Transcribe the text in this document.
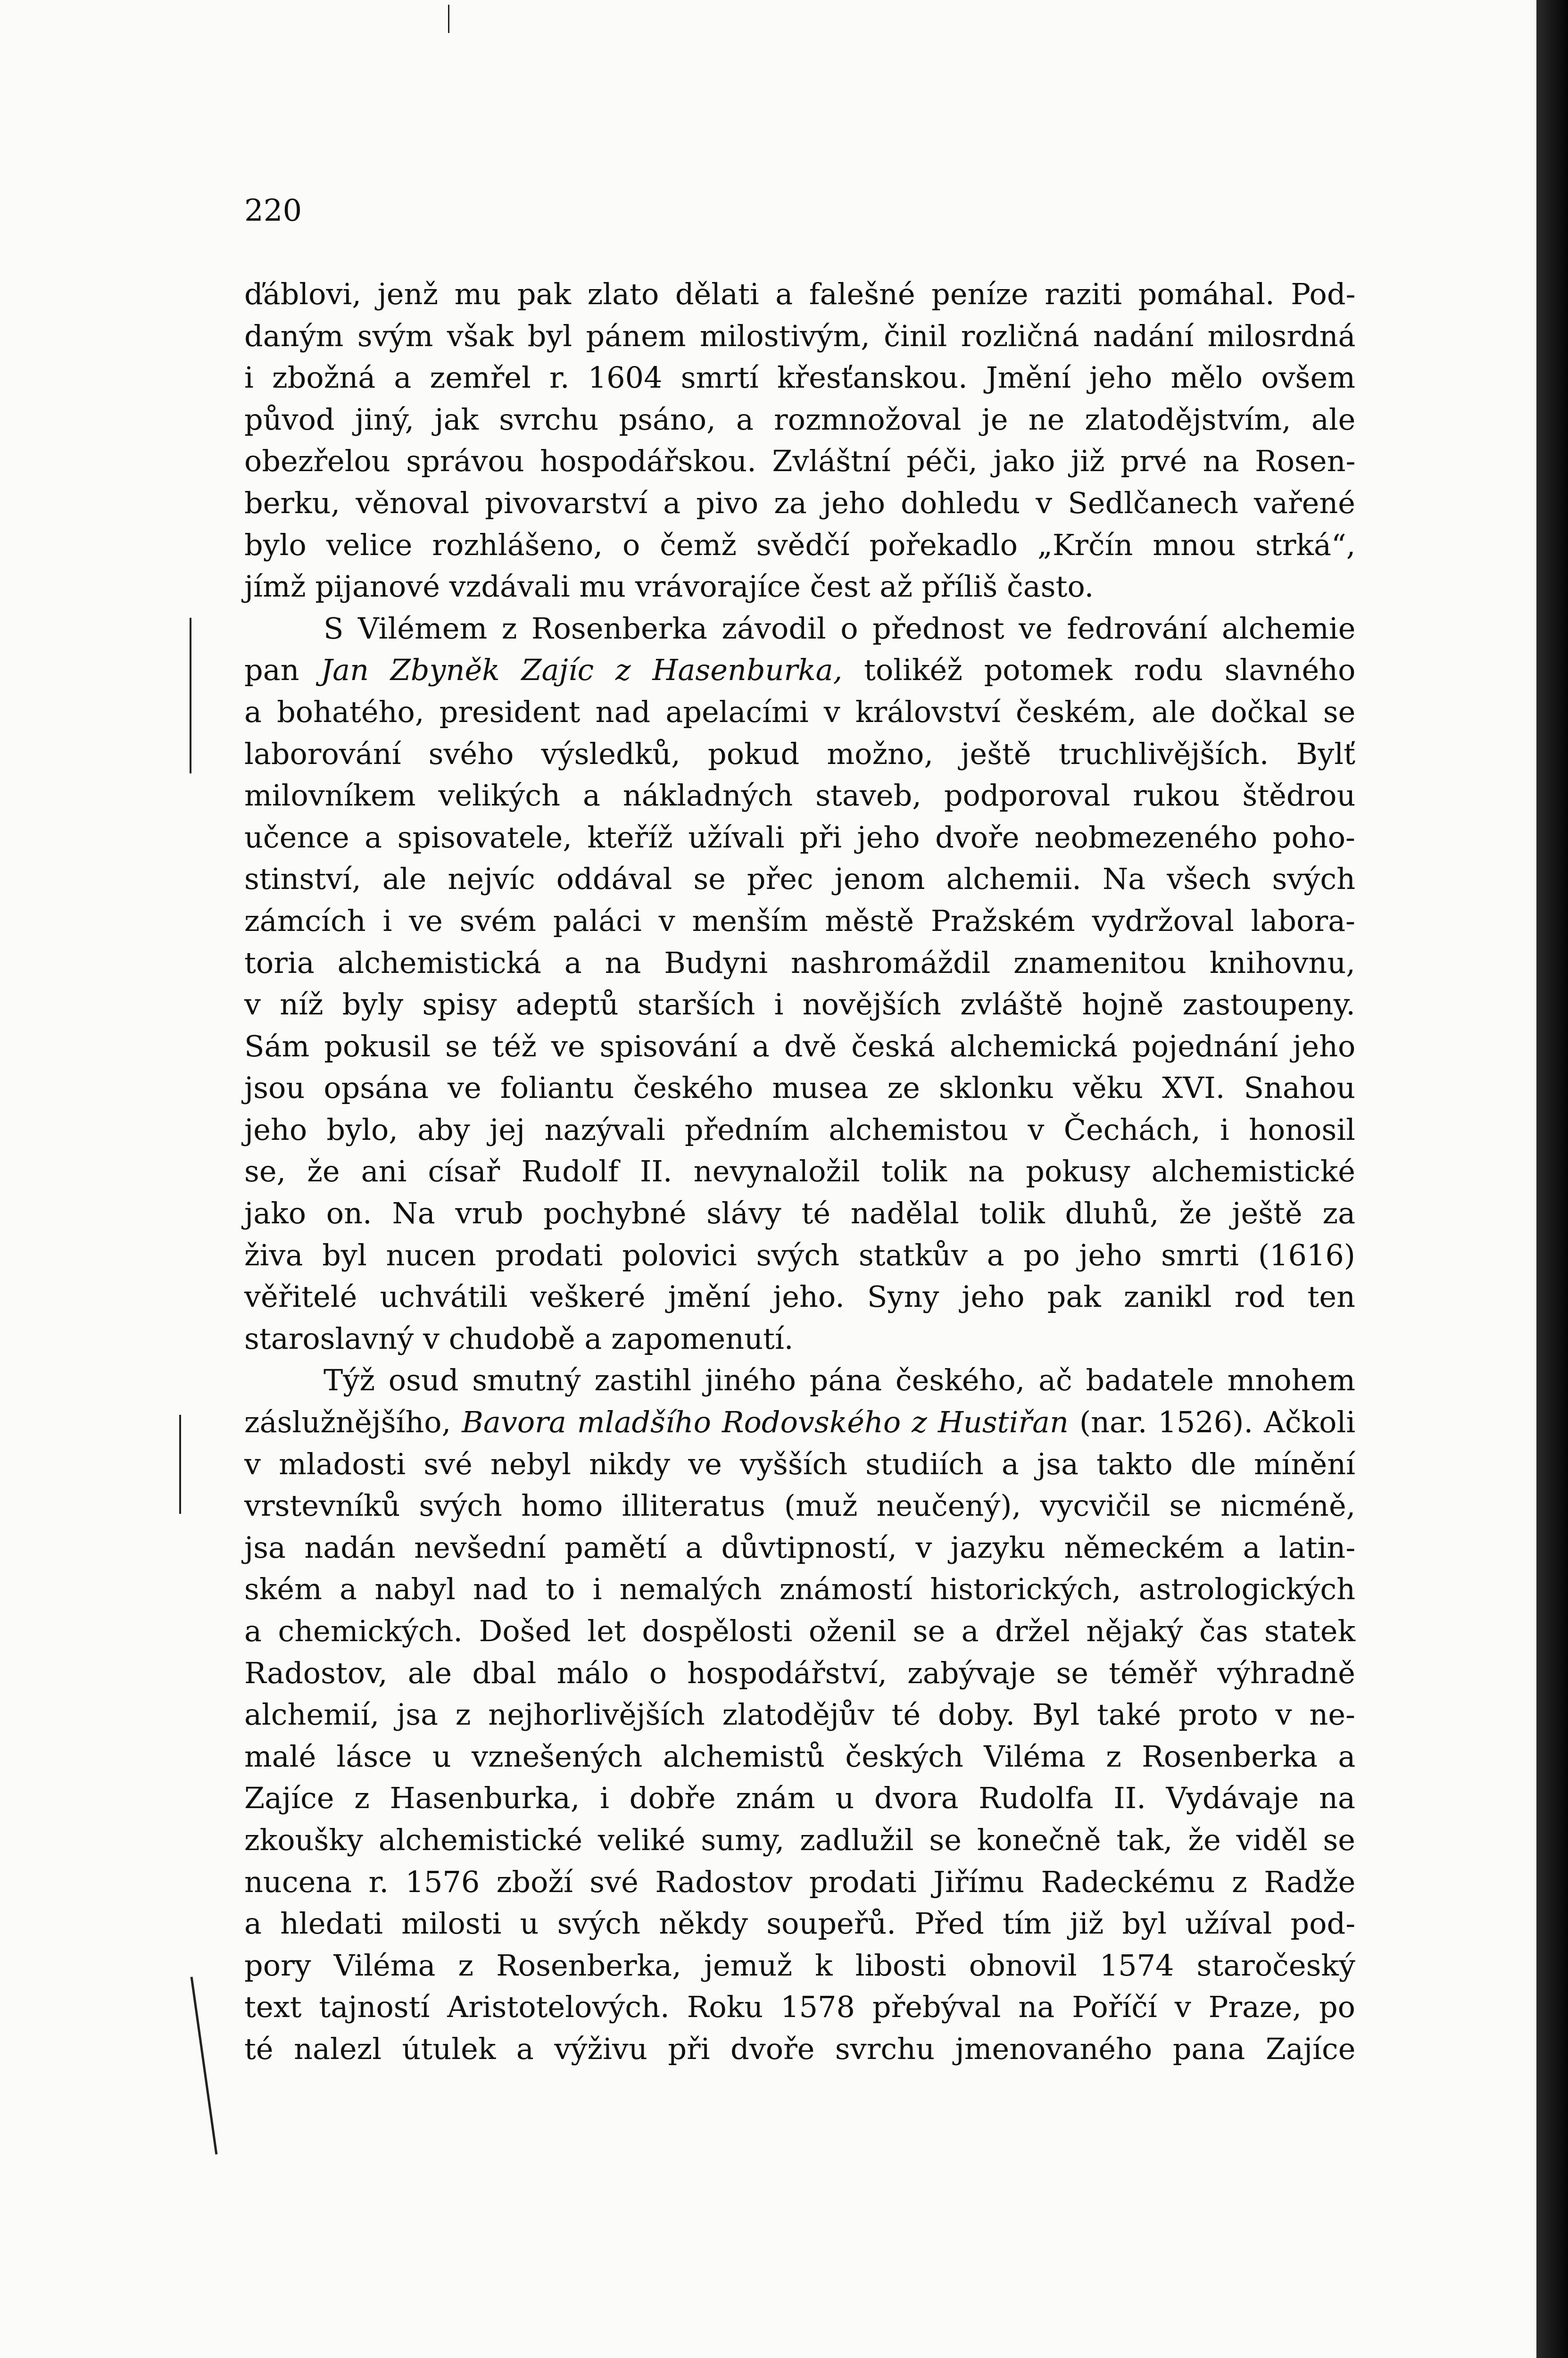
220

ďáblovi, jenž mu pak zlato dělati a falešné peníze raziti pomáhal. Pod-
daným svým však byl pánem milostivým, činil rozličná nadání milosrdná
i zbožná a zemřel r. 1604 smrtí křesťanskou. Jmění jeho mělo ovšem
původ jiný, jak svrchu psáno, a rozmnožoval je ne zlatodějstvím, ale
obezřelou správou hospodářskou. Zvláštní péči, jako již prvé na Rosen-
berku, věnoval pivovarství a pivo za jeho dohledu v Sedlčanech vařené
bylo velice rozhlášeno, o čemž svědčí pořekadlo „Krčín mnou strká“,
jímž pijanové vzdávali mu vrávorajíce čest až příliš často.
S Vilémem z Rosenberka závodil o přednost ve fedrování alchemie
pan Jan Zbyněk Zajíc z Hasenburka, tolikéž potomek rodu slavného
a bohatého, president nad apelacími v království českém, ale dočkal se
laborování svého výsledků, pokud možno, ještě truchlivějších. Bylť
milovníkem velikých a nákladných staveb, podporoval rukou štědrou
učence a spisovatele, kteříž užívali při jeho dvoře neobmezeného poho-
stinství, ale nejvíc oddával se přec jenom alchemii. Na všech svých
zámcích i ve svém paláci v menším městě Pražském vydržoval labora-
toria alchemistická a na Budyni nashromáždil znamenitou knihovnu,
v níž byly spisy adeptů starších i novějších zvláště hojně zastoupeny.
Sám pokusil se též ve spisování a dvě česká alchemická pojednání jeho
jsou opsána ve foliantu českého musea ze sklonku věku XVI. Snahou
jeho bylo, aby jej nazývali předním alchemistou v Čechách, i honosil
se, že ani císař Rudolf II. nevynaložil tolik na pokusy alchemistické
jako on. Na vrub pochybné slávy té nadělal tolik dluhů, že ještě za
živa byl nucen prodati polovici svých statkův a po jeho smrti (1616)
věřitelé uchvátili veškeré jmění jeho. Syny jeho pak zanikl rod ten
staroslavný v chudobě a zapomenutí.
Týž osud smutný zastihl jiného pána českého, ač badatele mnohem
záslužnějšího, Bavora mladšího Rodovského z Hustiřan (nar. 1526). Ačkoli
v mladosti své nebyl nikdy ve vyšších studiích a jsa takto dle mínění
vrstevníků svých homo illiteratus (muž neučený), vycvičil se nicméně,
jsa nadán nevšední pamětí a důvtipností, v jazyku německém a latin-
ském a nabyl nad to i nemalých známostí historických, astrologických
a chemických. Došed let dospělosti oženil se a držel nějaký čas statek
Radostov, ale dbal málo o hospodářství, zabývaje se téměř výhradně
alchemií, jsa z nejhorlivějších zlatodějův té doby. Byl také proto v ne-
malé lásce u vznešených alchemistů českých Viléma z Rosenberka a
Zajíce z Hasenburka, i dobře znám u dvora Rudolfa II. Vydávaje na
zkoušky alchemistické veliké sumy, zadlužil se konečně tak, že viděl se
nucena r. 1576 zboží své Radostov prodati Jiřímu Radeckému z Radže
a hledati milosti u svých někdy soupeřů. Před tím již byl užíval pod-
pory Viléma z Rosenberka, jemuž k libosti obnovil 1574 staročeský
text tajností Aristotelových. Roku 1578 přebýval na Poříčí v Praze, po
té nalezl útulek a výživu při dvoře svrchu jmenovaného pana Zajíce
